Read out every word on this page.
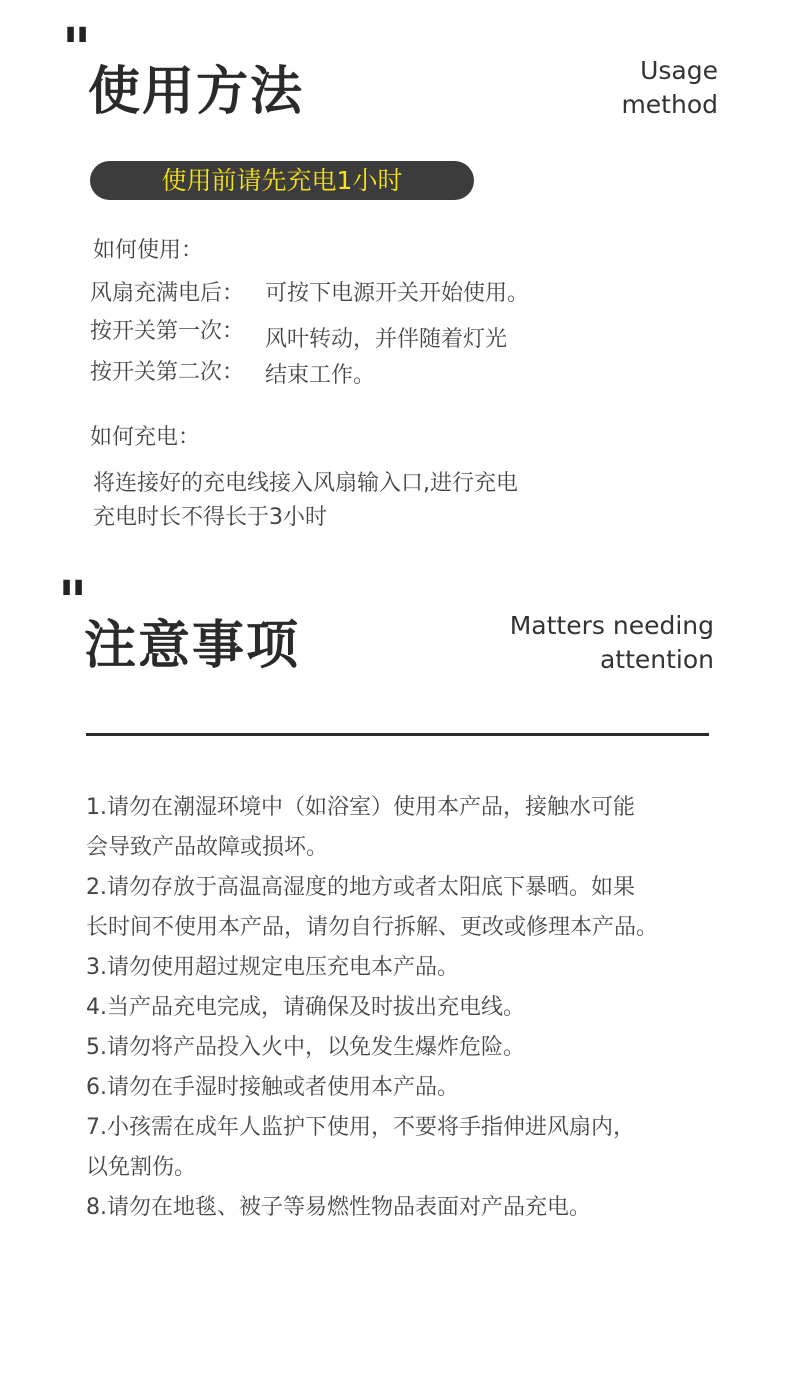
"
使用方法	Usage
method
使用前请先充电1小时
如何使用：
风扇充满电后： 可按下电源开关开始使用。
按开关第一次： 风叶转动，并伴随着灯光
按开关第二次： 结束工作。
如何充电：
将连接好的充电线接入风扇输入口,进行充电
充电时长不得长于3小时
"
注意事项	Matters needing
attention
1.请勿在潮湿环境中（如浴室）使用本产品，接触水可能
会导致产品故障或损坏。
2.请勿存放于高温高湿度的地方或者太阳底下暴晒。如果
长时间不使用本产品，请勿自行拆解、更改或修理本产品。
3.请勿使用超过规定电压充电本产品。
4.当产品充电完成，请确保及时拔出充电线。
5.请勿将产品投入火中，以免发生爆炸危险。
6.请勿在手湿时接触或者使用本产品。
7.小孩需在成年人监护下使用，不要将手指伸进风扇内，
以免割伤。
8.请勿在地毯、被子等易燃性物品表面对产品充电。
